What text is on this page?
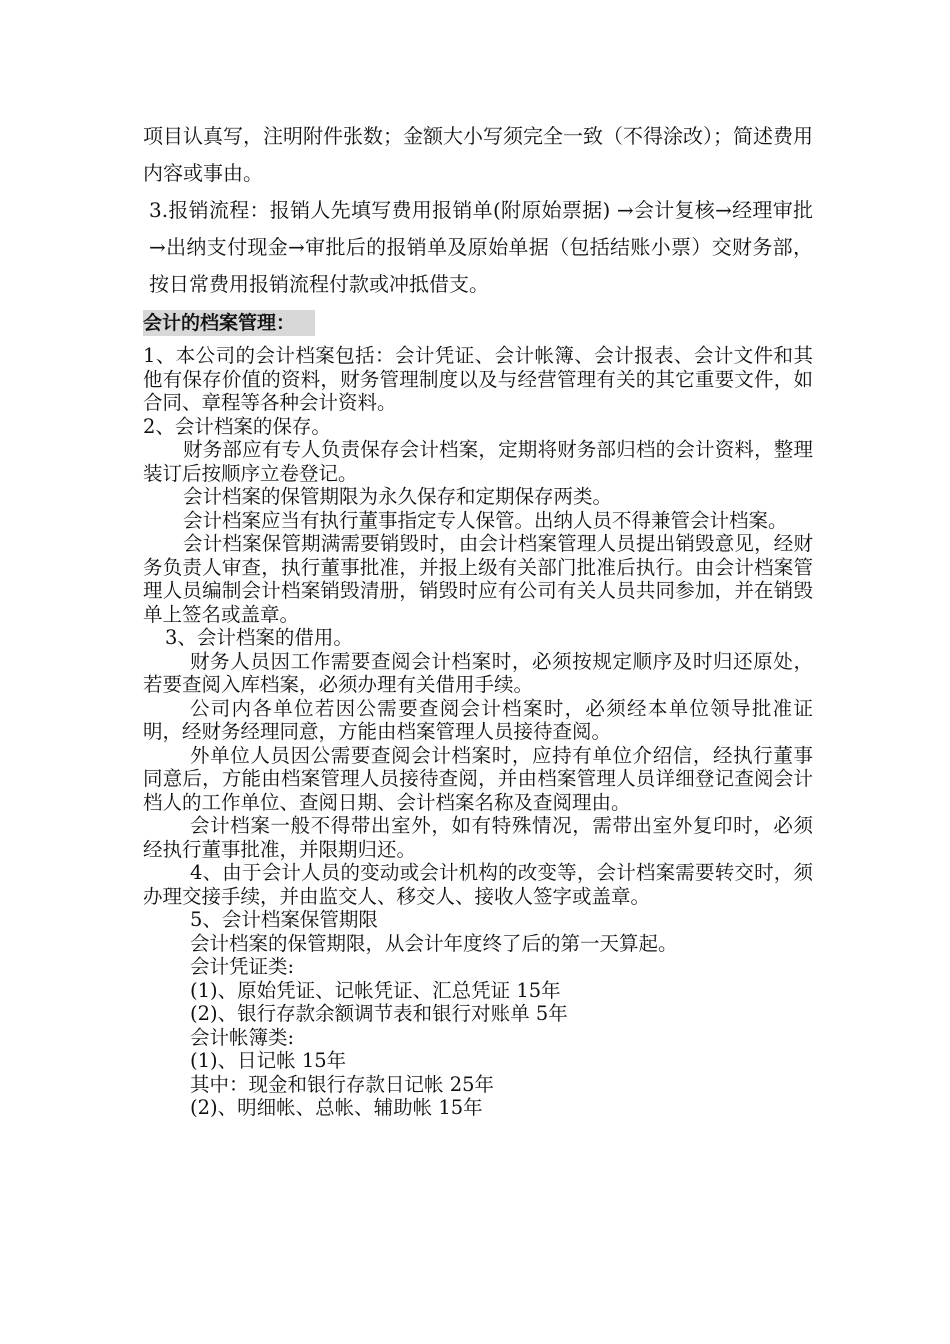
项目认真写，注明附件张数；金额大小写须完全一致（不得涂改）；简述费用内容或事由。

3.报销流程：报销人先填写费用报销单(附原始票据) →会计复核→经理审批→出纳支付现金→审批后的报销单及原始单据（包括结账小票）交财务部，按日常费用报销流程付款或冲抵借支。

会计的档案管理：

1、本公司的会计档案包括：会计凭证、会计帐簿、会计报表、会计文件和其他有保存价值的资料，财务管理制度以及与经营管理有关的其它重要文件，如合同、章程等各种会计资料。

2、会计档案的保存。

财务部应有专人负责保存会计档案，定期将财务部归档的会计资料，整理装订后按顺序立卷登记。

会计档案的保管期限为永久保存和定期保存两类。

会计档案应当有执行董事指定专人保管。出纳人员不得兼管会计档案。

会计档案保管期满需要销毁时，由会计档案管理人员提出销毁意见，经财务负责人审查，执行董事批准，并报上级有关部门批准后执行。由会计档案管理人员编制会计档案销毁清册，销毁时应有公司有关人员共同参加，并在销毁单上签名或盖章。

3、会计档案的借用。

财务人员因工作需要查阅会计档案时，必须按规定顺序及时归还原处，若要查阅入库档案，必须办理有关借用手续。

公司内各单位若因公需要查阅会计档案时，必须经本单位领导批准证明，经财务经理同意，方能由档案管理人员接待查阅。

外单位人员因公需要查阅会计档案时，应持有单位介绍信，经执行董事同意后，方能由档案管理人员接待查阅，并由档案管理人员详细登记查阅会计档人的工作单位、查阅日期、会计档案名称及查阅理由。

会计档案一般不得带出室外，如有特殊情况，需带出室外复印时，必须经执行董事批准，并限期归还。

4、由于会计人员的变动或会计机构的改变等，会计档案需要转交时，须办理交接手续，并由监交人、移交人、接收人签字或盖章。

5、会计档案保管期限

会计档案的保管期限，从会计年度终了后的第一天算起。

会计凭证类:

(1)、原始凭证、记帐凭证、汇总凭证 15年

(2)、银行存款余额调节表和银行对账单 5年

会计帐簿类:

(1)、日记帐 15年

其中：现金和银行存款日记帐 25年

(2)、明细帐、总帐、辅助帐 15年
